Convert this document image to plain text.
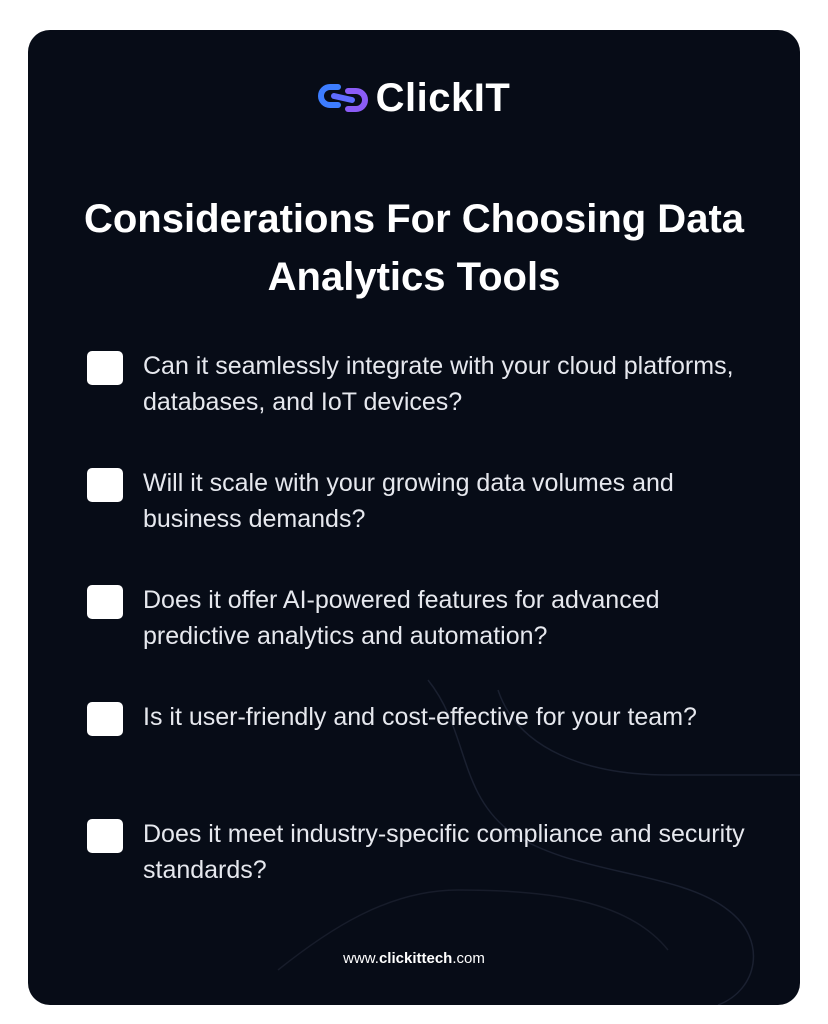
ClickIT
Considerations For Choosing Data Analytics Tools
Can it seamlessly integrate with your cloud platforms, databases, and IoT devices?
Will it scale with your growing data volumes and business demands?
Does it offer AI-powered features for advanced predictive analytics and automation?
Is it user-friendly and cost-effective for your team?
Does it meet industry-specific compliance and security standards?
www.clickittech.com
